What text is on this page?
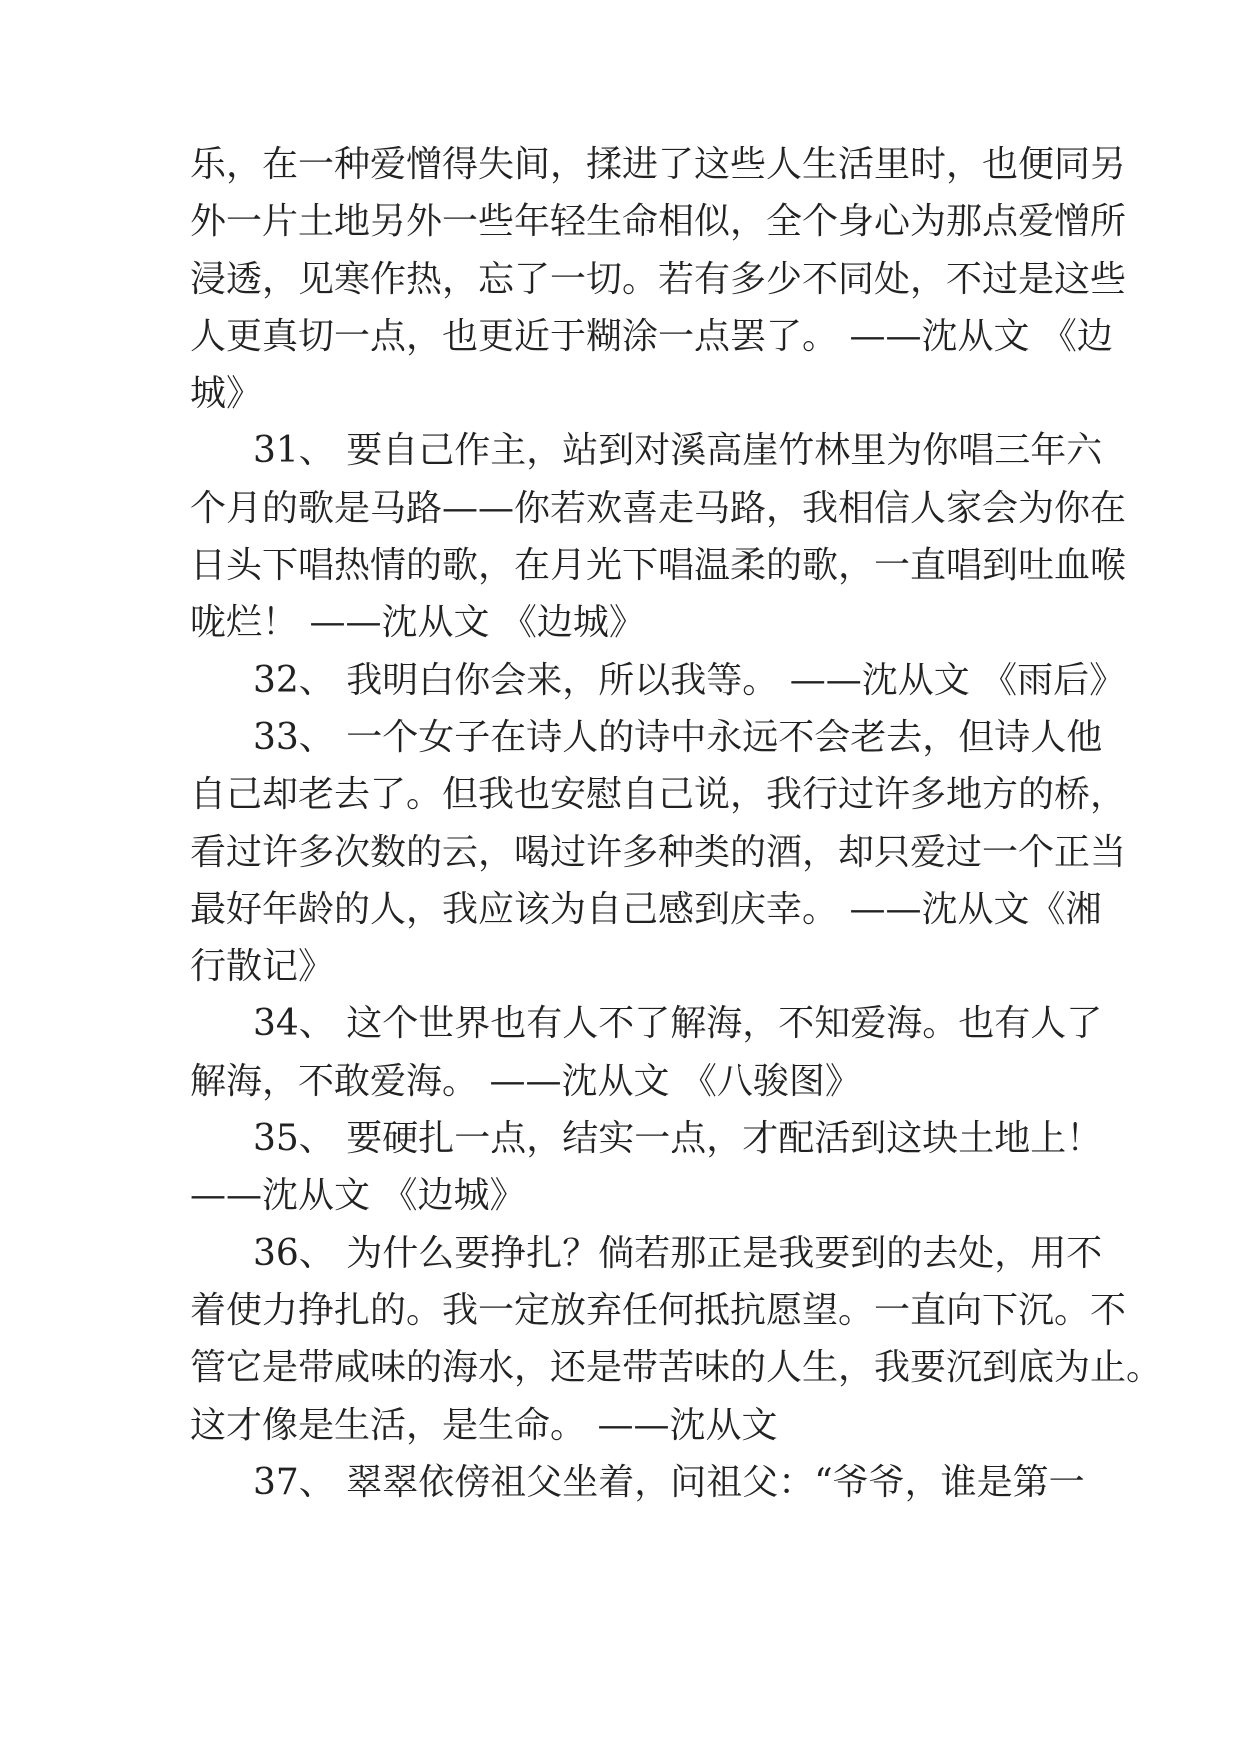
乐，在一种爱憎得失间，揉进了这些人生活里时，也便同另
外一片土地另外一些年轻生命相似，全个身心为那点爱憎所
浸透，见寒作热，忘了一切。若有多少不同处，不过是这些
人更真切一点，也更近于糊涂一点罢了。 ——沈从文 《边
城》
31、 要自己作主，站到对溪高崖竹林里为你唱三年六
个月的歌是马路——你若欢喜走马路，我相信人家会为你在
日头下唱热情的歌，在月光下唱温柔的歌，一直唱到吐血喉
咙烂！ ——沈从文 《边城》
32、 我明白你会来，所以我等。 ——沈从文 《雨后》
33、 一个女子在诗人的诗中永远不会老去，但诗人他
自己却老去了。但我也安慰自己说，我行过许多地方的桥，
看过许多次数的云，喝过许多种类的酒，却只爱过一个正当
最好年龄的人，我应该为自己感到庆幸。 ——沈从文《湘
行散记》
34、 这个世界也有人不了解海，不知爱海。也有人了
解海，不敢爱海。 ——沈从文 《八骏图》
35、 要硬扎一点，结实一点，才配活到这块土地上！
——沈从文 《边城》
36、 为什么要挣扎？倘若那正是我要到的去处，用不
着使力挣扎的。我一定放弃任何抵抗愿望。一直向下沉。不
管它是带咸味的海水，还是带苦味的人生，我要沉到底为止。
这才像是生活，是生命。 ——沈从文
37、 翠翠依傍祖父坐着，问祖父：“爷爷，谁是第一
